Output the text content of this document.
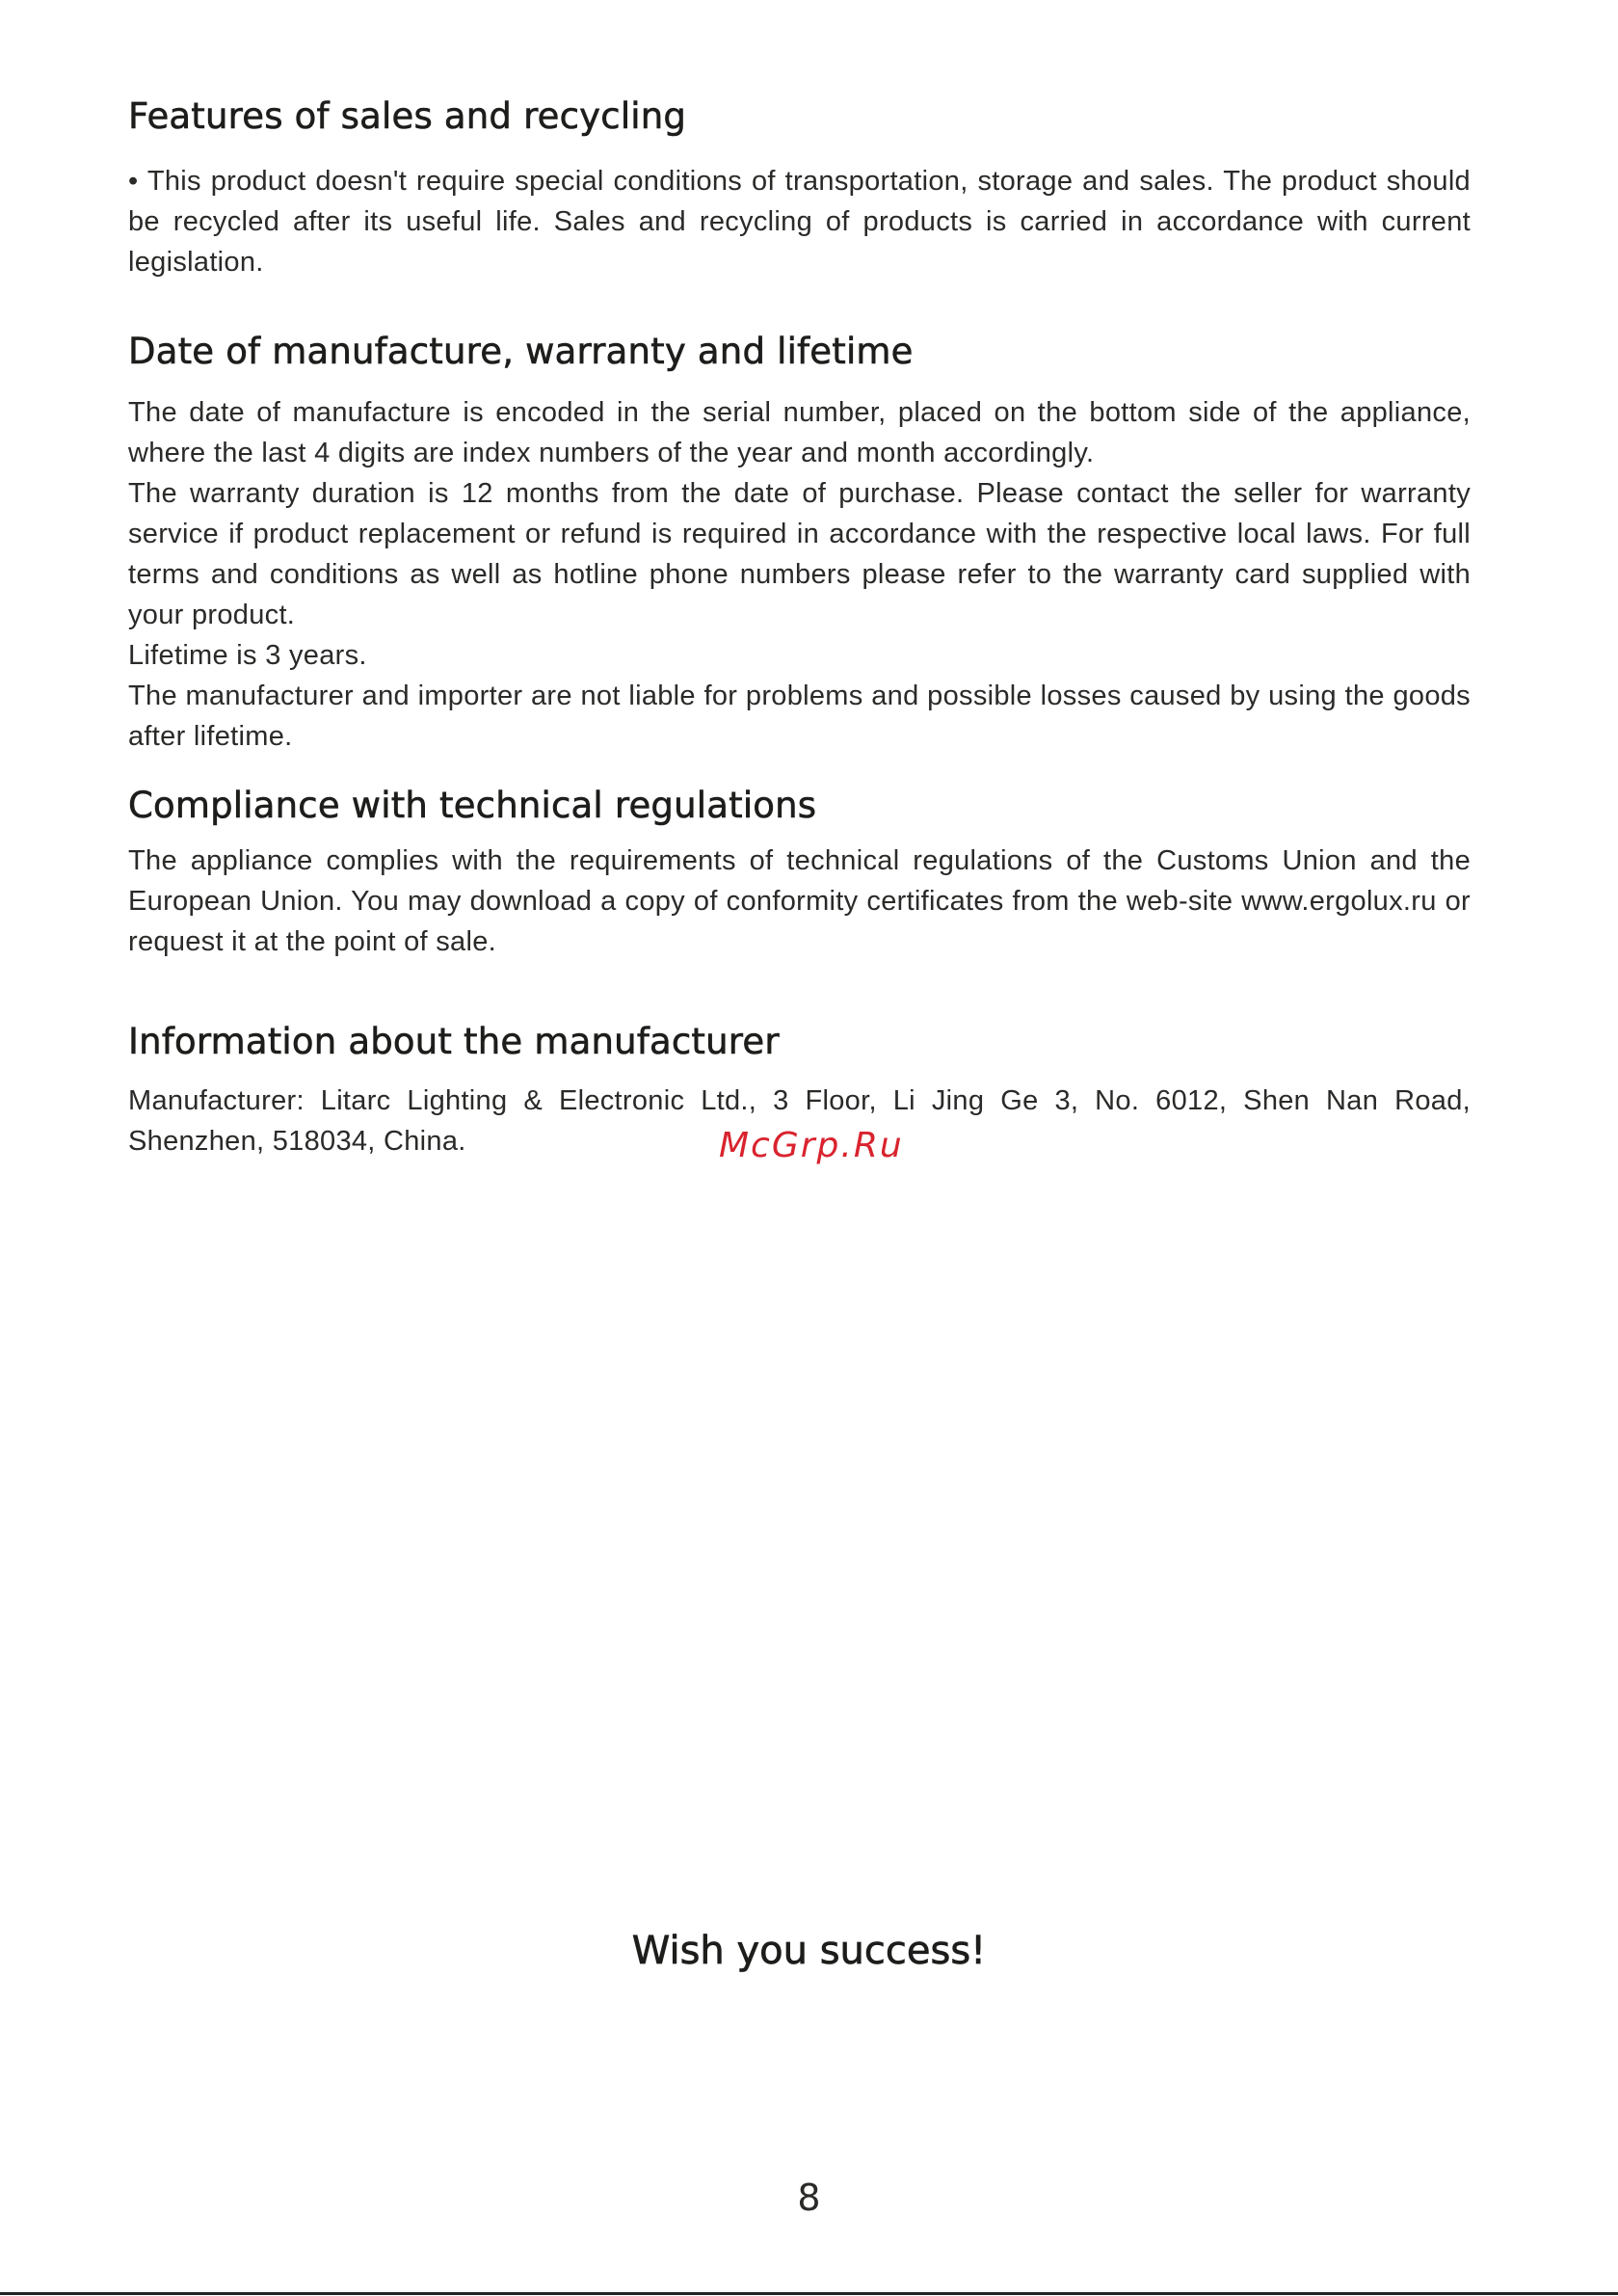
Features of sales and recycling

• This product doesn't require special conditions of transportation, storage and sales. The product should be recycled after its useful life. Sales and recycling of products is carried in accordance with current legislation.

Date of manufacture, warranty and lifetime

The date of manufacture is encoded in the serial number, placed on the bottom side of the appliance, where the last 4 digits are index numbers of the year and month accordingly.

The warranty duration is 12 months from the date of purchase. Please contact the seller for warranty service if product replacement or refund is required in accordance with the respective local laws. For full terms and conditions as well as hotline phone numbers please refer to the warranty card supplied with your product.

Lifetime is 3 years.

The manufacturer and importer are not liable for problems and possible losses caused by using the goods after lifetime.

Compliance with technical regulations

The appliance complies with the requirements of technical regulations of the Customs Union and the European Union. You may download a copy of conformity certificates from the web-site www.ergolux.ru or request it at the point of sale.

Information about the manufacturer

Manufacturer: Litarc Lighting & Electronic Ltd., 3 Floor, Li Jing Ge 3, No. 6012, Shen Nan Road, Shenzhen, 518034, China.	McGrp.Ru
Wish you success!
8
